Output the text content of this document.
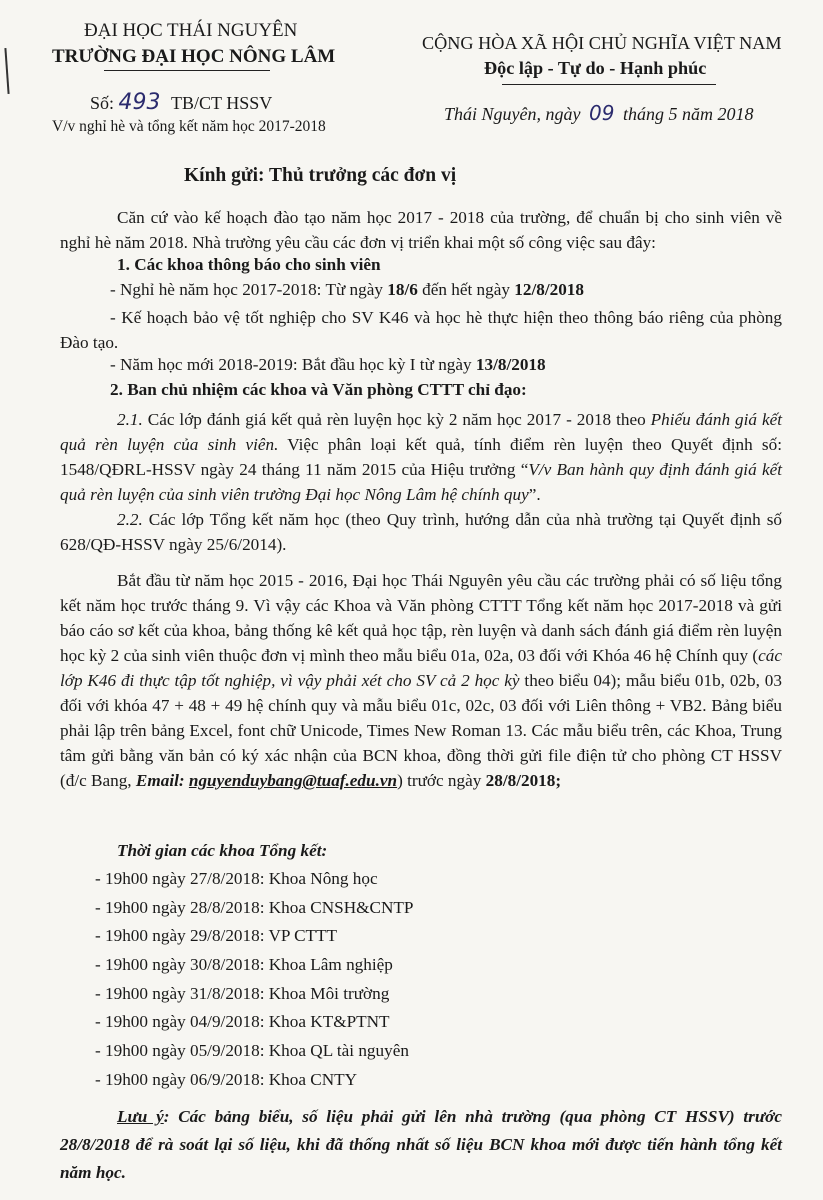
ĐẠI HỌC THÁI NGUYÊN
TRƯỜNG ĐẠI HỌC NÔNG LÂM
Số: 493 TB/CT HSSV
V/v nghỉ hè và tổng kết năm học 2017-2018
CỘNG HÒA XÃ HỘI CHỦ NGHĨA VIỆT NAM
Độc lập - Tự do - Hạnh phúc
Thái Nguyên, ngày 09 tháng 5 năm 2018
Kính gửi: Thủ trưởng các đơn vị
Căn cứ vào kế hoạch đào tạo năm học 2017 - 2018 của trường, để chuẩn bị cho sinh viên về nghỉ hè năm 2018. Nhà trường yêu cầu các đơn vị triển khai một số công việc sau đây:
1. Các khoa thông báo cho sinh viên
- Nghỉ hè năm học 2017-2018: Từ ngày 18/6 đến hết ngày 12/8/2018
- Kế hoạch bảo vệ tốt nghiệp cho SV K46 và học hè thực hiện theo thông báo riêng của phòng Đào tạo.
- Năm học mới 2018-2019: Bắt đầu học kỳ I từ ngày 13/8/2018
2. Ban chủ nhiệm các khoa và Văn phòng CTTT chỉ đạo:
2.1. Các lớp đánh giá kết quả rèn luyện học kỳ 2 năm học 2017 - 2018 theo Phiếu đánh giá kết quả rèn luyện của sinh viên. Việc phân loại kết quả, tính điểm rèn luyện theo Quyết định số: 1548/QĐRL-HSSV ngày 24 tháng 11 năm 2015 của Hiệu trưởng “V/v Ban hành quy định đánh giá kết quả rèn luyện của sinh viên trường Đại học Nông Lâm hệ chính quy”.
2.2. Các lớp Tổng kết năm học (theo Quy trình, hướng dẫn của nhà trường tại Quyết định số 628/QĐ-HSSV ngày 25/6/2014).
Bắt đầu từ năm học 2015 - 2016, Đại học Thái Nguyên yêu cầu các trường phải có số liệu tổng kết năm học trước tháng 9. Vì vậy các Khoa và Văn phòng CTTT Tổng kết năm học 2017-2018 và gửi báo cáo sơ kết của khoa, bảng thống kê kết quả học tập, rèn luyện và danh sách đánh giá điểm rèn luyện học kỳ 2 của sinh viên thuộc đơn vị mình theo mẫu biểu 01a, 02a, 03 đối với Khóa 46 hệ Chính quy (các lớp K46 đi thực tập tốt nghiệp, vì vậy phải xét cho SV cả 2 học kỳ theo biểu 04); mẫu biểu 01b, 02b, 03 đối với khóa 47 + 48 + 49 hệ chính quy và mẫu biểu 01c, 02c, 03 đối với Liên thông + VB2. Bảng biểu phải lập trên bảng Excel, font chữ Unicode, Times New Roman 13. Các mẫu biểu trên, các Khoa, Trung tâm gửi bằng văn bản có ký xác nhận của BCN khoa, đồng thời gửi file điện tử cho phòng CT HSSV (đ/c Bang, Email: nguyenduybang@tuaf.edu.vn) trước ngày 28/8/2018;
Thời gian các khoa Tổng kết:
- 19h00 ngày 27/8/2018: Khoa Nông học
- 19h00 ngày 28/8/2018: Khoa CNSH&CNTP
- 19h00 ngày 29/8/2018: VP CTTT
- 19h00 ngày 30/8/2018: Khoa Lâm nghiệp
- 19h00 ngày 31/8/2018: Khoa Môi trường
- 19h00 ngày 04/9/2018: Khoa KT&PTNT
- 19h00 ngày 05/9/2018: Khoa QL tài nguyên
- 19h00 ngày 06/9/2018: Khoa CNTY
Lưu ý: Các bảng biểu, số liệu phải gửi lên nhà trường (qua phòng CT HSSV) trước 28/8/2018 để rà soát lại số liệu, khi đã thống nhất số liệu BCN khoa mới được tiến hành tổng kết năm học.
